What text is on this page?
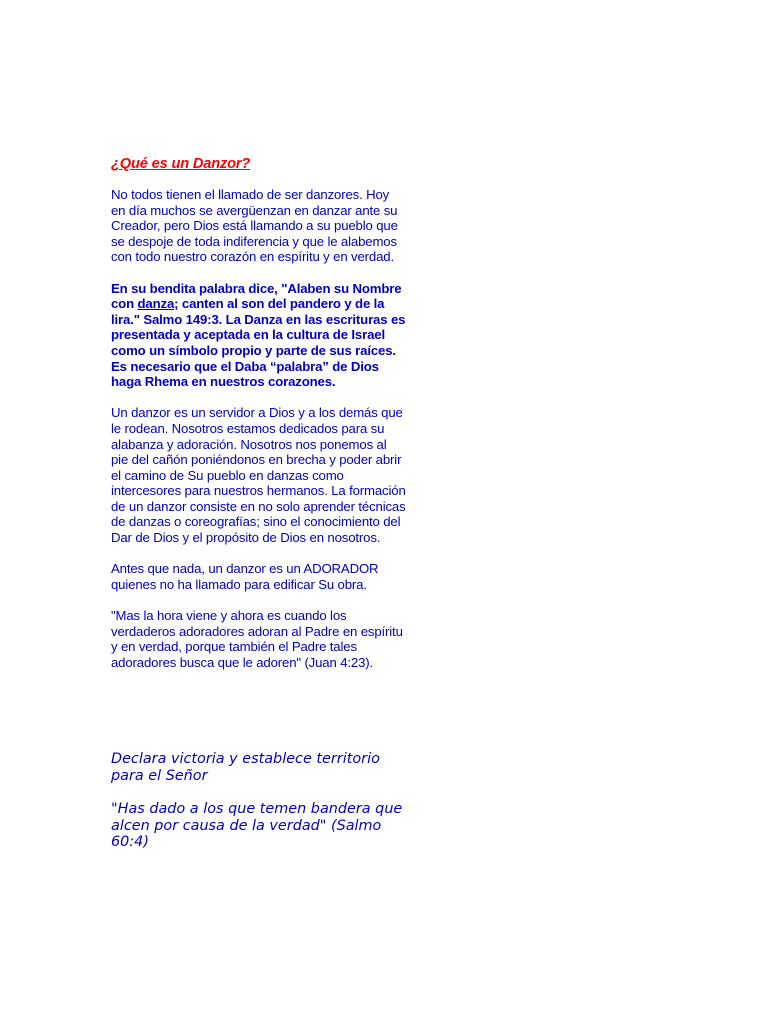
¿Qué es un Danzor?

No todos tienen el llamado de ser danzores. Hoy en día muchos se avergüenzan en danzar ante su Creador, pero Dios está llamando a su pueblo que se despoje de toda indiferencia y que le alabemos con todo nuestro corazón en espíritu y en verdad.

En su bendita palabra dice, "Alaben su Nombre con danza; canten al son del pandero y de la lira." Salmo 149:3. La Danza en las escrituras es presentada y aceptada en la cultura de Israel como un símbolo propio y parte de sus raíces. Es necesario que el Daba “palabra” de Dios haga Rhema en nuestros corazones.

Un danzor es un servidor a Dios y a los demás que le rodean. Nosotros estamos dedicados para su alabanza y adoración. Nosotros nos ponemos al pie del cañón poniéndonos en brecha y poder abrir el camino de Su pueblo en danzas como intercesores para nuestros hermanos. La formación de un danzor consiste en no solo aprender técnicas de danzas o coreografías; sino el conocimiento del Dar de Dios y el propósito de Dios en nosotros.

Antes que nada, un danzor es un ADORADOR quienes no ha llamado para edificar Su obra.

"Mas la hora viene y ahora es cuando los verdaderos adoradores adoran al Padre en espíritu y en verdad, porque también el Padre tales adoradores busca que le adoren" (Juan 4:23).

Declara victoria y establece territorio para el Señor

"Has dado a los que temen bandera que alcen por causa de la verdad" (Salmo 60:4)
